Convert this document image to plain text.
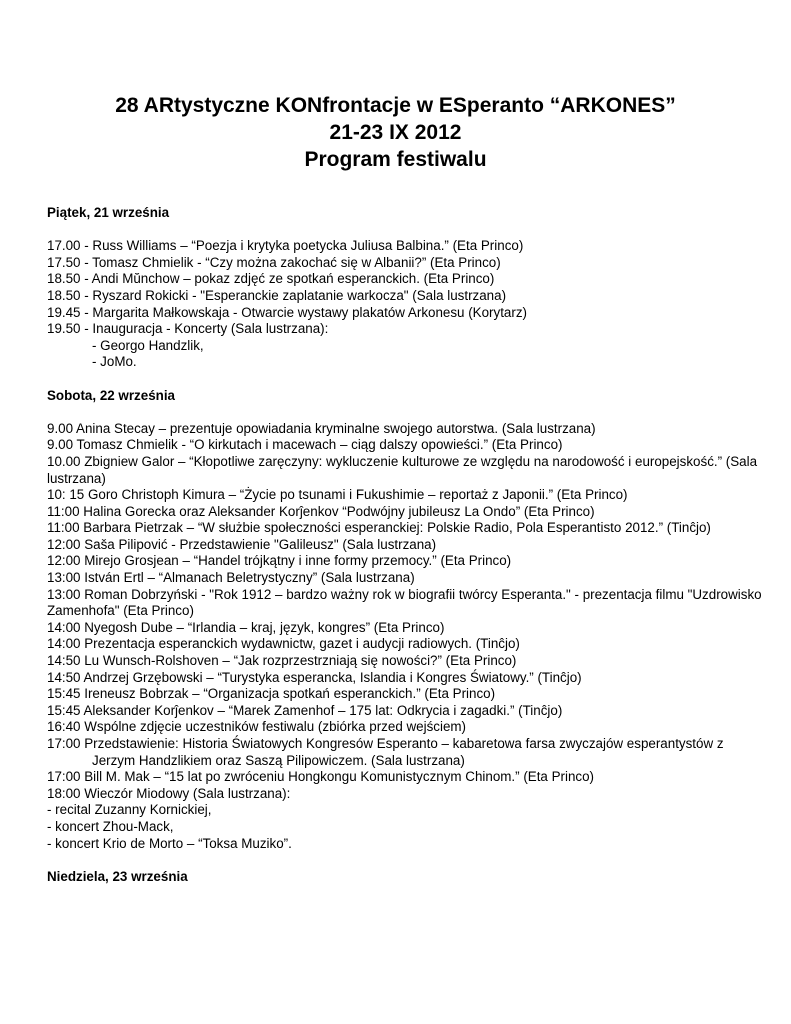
28 ARtystyczne KONfrontacje w ESperanto “ARKONES”
21-23 IX 2012
Program festiwalu
Piątek, 21 września
17.00 - Russ Williams – “Poezja i krytyka poetycka Juliusa Balbina.” (Eta Princo)
17.50 - Tomasz Chmielik - “Czy można zakochać się w Albanii?” (Eta Princo)
18.50 - Andi Mŭnchow – pokaz zdjęć ze spotkań esperanckich. (Eta Princo)
18.50 - Ryszard Rokicki - "Esperanckie zaplatanie warkocza" (Sala lustrzana)
19.45 - Margarita Małkowskaja - Otwarcie wystawy plakatów Arkonesu (Korytarz)
19.50 - Inauguracja - Koncerty (Sala lustrzana):
- Georgo Handzlik,
- JoMo.
Sobota, 22 września
9.00 Anina Stecay – prezentuje opowiadania kryminalne swojego autorstwa. (Sala lustrzana)
9.00 Tomasz Chmielik - “O kirkutach i macewach – ciąg dalszy opowieści.” (Eta Princo)
10.00 Zbigniew Galor – “Kłopotliwe zaręczyny: wykluczenie kulturowe ze względu na narodowość i europejskość.” (Sala lustrzana)
10: 15 Goro Christoph Kimura – “Życie po tsunami i Fukushimie – reportaż z Japonii.” (Eta Princo)
11:00 Halina Gorecka oraz Aleksander Korĵenkov “Podwójny jubileusz La Ondo” (Eta Princo)
11:00 Barbara Pietrzak – “W służbie społeczności esperanckiej: Polskie Radio, Pola Esperantisto 2012.” (Tinĉjo)
12:00 Saša Pilipović - Przedstawienie "Galileusz" (Sala lustrzana)
12:00 Mirejo Grosjean – “Handel trójkątny i inne formy przemocy.” (Eta Princo)
13:00 István Ertl – “Almanach Beletrystyczny” (Sala lustrzana)
13:00 Roman Dobrzyński - "Rok 1912 – bardzo ważny rok w biografii twórcy Esperanta." - prezentacja filmu "Uzdrowisko Zamenhofa" (Eta Princo)
14:00 Nyegosh Dube – “Irlandia – kraj, język, kongres” (Eta Princo)
14:00 Prezentacja esperanckich wydawnictw, gazet i audycji radiowych. (Tinĉjo)
14:50 Lu Wunsch-Rolshoven – “Jak rozprzestrzniają się nowości?” (Eta Princo)
14:50 Andrzej Grzębowski – “Turystyka esperancka, Islandia i Kongres Światowy.” (Tinĉjo)
15:45 Ireneusz Bobrzak – “Organizacja spotkań esperanckich.” (Eta Princo)
15:45 Aleksander Korĵenkov – “Marek Zamenhof – 175 lat: Odkrycia i zagadki.” (Tinĉjo)
16:40 Wspólne zdjęcie uczestników festiwalu (zbiórka przed wejściem)
17:00 Przedstawienie: Historia Światowych Kongresów Esperanto – kabaretowa farsa zwyczajów esperantystów z Jerzym Handzlikiem oraz Saszą Pilipowiczem. (Sala lustrzana)
17:00 Bill M. Mak – “15 lat po zwróceniu Hongkongu Komunistycznym Chinom.” (Eta Princo)
18:00 Wieczór Miodowy (Sala lustrzana):
- recital Zuzanny Kornickiej,
- koncert Zhou-Mack,
- koncert Krio de Morto – “Toksa Muziko”.
Niedziela, 23 września
